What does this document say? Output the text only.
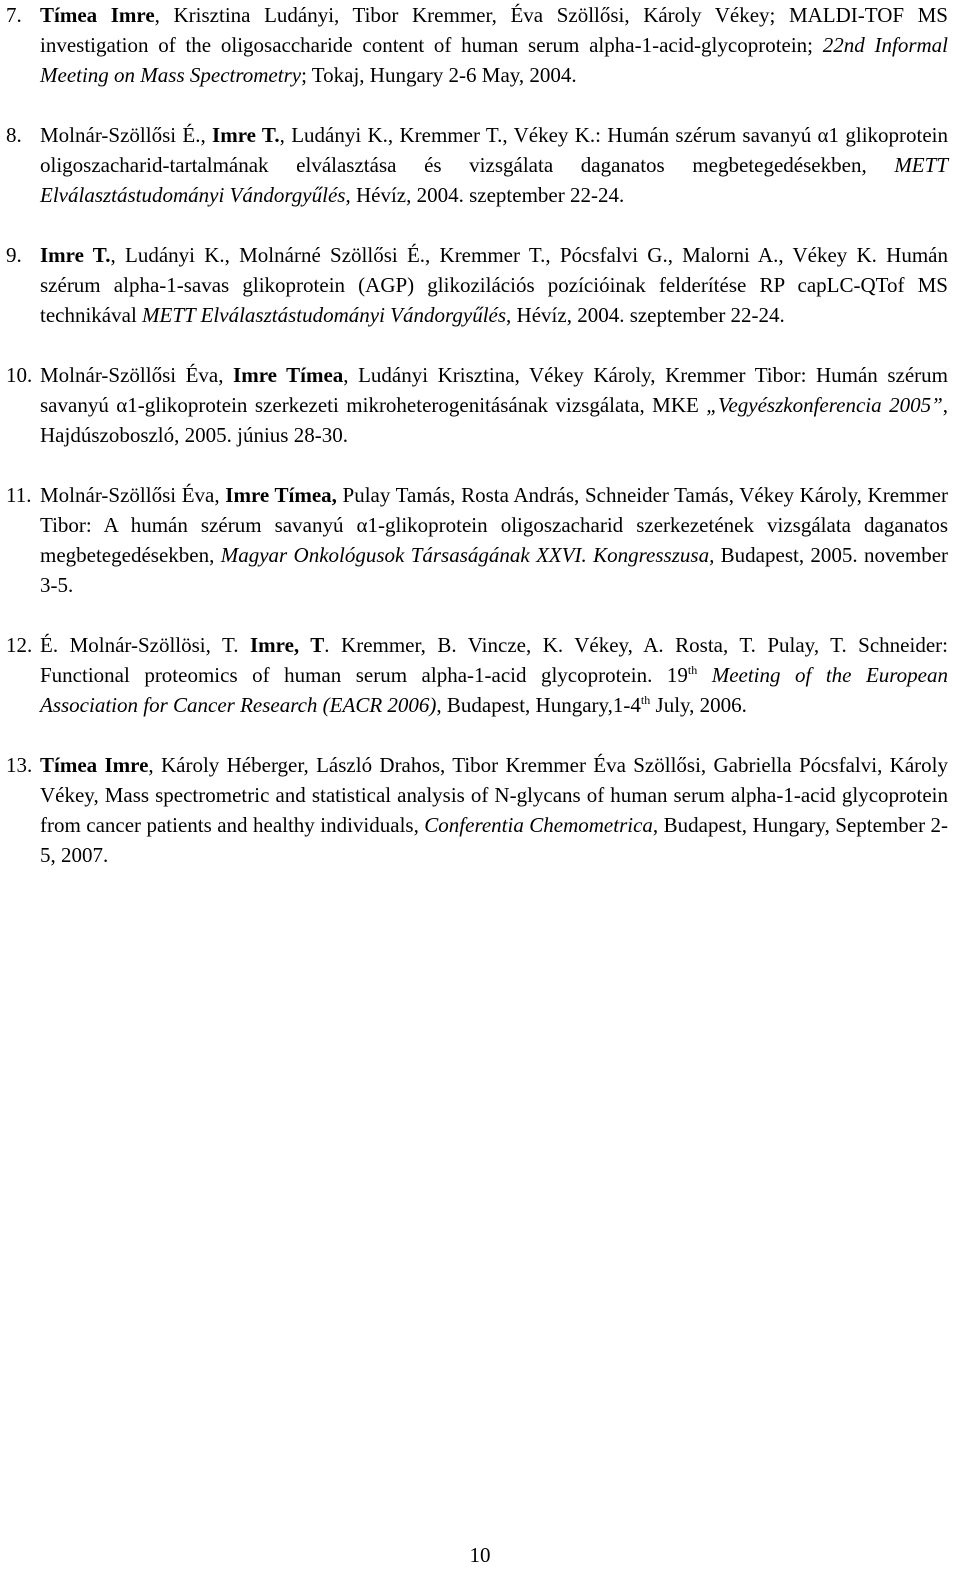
7. Tímea Imre, Krisztina Ludányi, Tibor Kremmer, Éva Szöllősi, Károly Vékey; MALDI-TOF MS investigation of the oligosaccharide content of human serum alpha-1-acid-glycoprotein; 22nd Informal Meeting on Mass Spectrometry; Tokaj, Hungary 2-6 May, 2004.

8. Molnár-Szöllősi É., Imre T., Ludányi K., Kremmer T., Vékey K.: Humán szérum savanyú α1 glikoprotein oligoszacharid-tartalmának elválasztása és vizsgálata daganatos megbetegedésekben, METT Elválasztástudományi Vándorgyűlés, Hévíz, 2004. szeptember 22-24.

9. Imre T., Ludányi K., Molnárné Szöllősi É., Kremmer T., Pócsfalvi G., Malorni A., Vékey K. Humán szérum alpha-1-savas glikoprotein (AGP) glikozilációs pozícióinak felderítése RP capLC-QTof MS technikával METT Elválasztástudományi Vándorgyűlés, Hévíz, 2004. szeptember 22-24.

10. Molnár-Szöllősi Éva, Imre Tímea, Ludányi Krisztina, Vékey Károly, Kremmer Tibor: Humán szérum savanyú α1-glikoprotein szerkezeti mikroheterogenitásának vizsgálata, MKE „Vegyészkonferencia 2005”, Hajdúszoboszló, 2005. június 28-30.

11. Molnár-Szöllősi Éva, Imre Tímea, Pulay Tamás, Rosta András, Schneider Tamás, Vékey Károly, Kremmer Tibor: A humán szérum savanyú α1-glikoprotein oligoszacharid szerkezetének vizsgálata daganatos megbetegedésekben, Magyar Onkológusok Társaságának XXVI. Kongresszusa, Budapest, 2005. november 3-5.

12. É. Molnár-Szöllösi, T. Imre, T. Kremmer, B. Vincze, K. Vékey, A. Rosta, T. Pulay, T. Schneider: Functional proteomics of human serum alpha-1-acid glycoprotein. 19th Meeting of the European Association for Cancer Research (EACR 2006), Budapest, Hungary,1-4th July, 2006.

13. Tímea Imre, Károly Héberger, László Drahos, Tibor Kremmer Éva Szöllősi, Gabriella Pócsfalvi, Károly Vékey, Mass spectrometric and statistical analysis of N-glycans of human serum alpha-1-acid glycoprotein from cancer patients and healthy individuals, Conferentia Chemometrica, Budapest, Hungary, September 2-5, 2007.

10
